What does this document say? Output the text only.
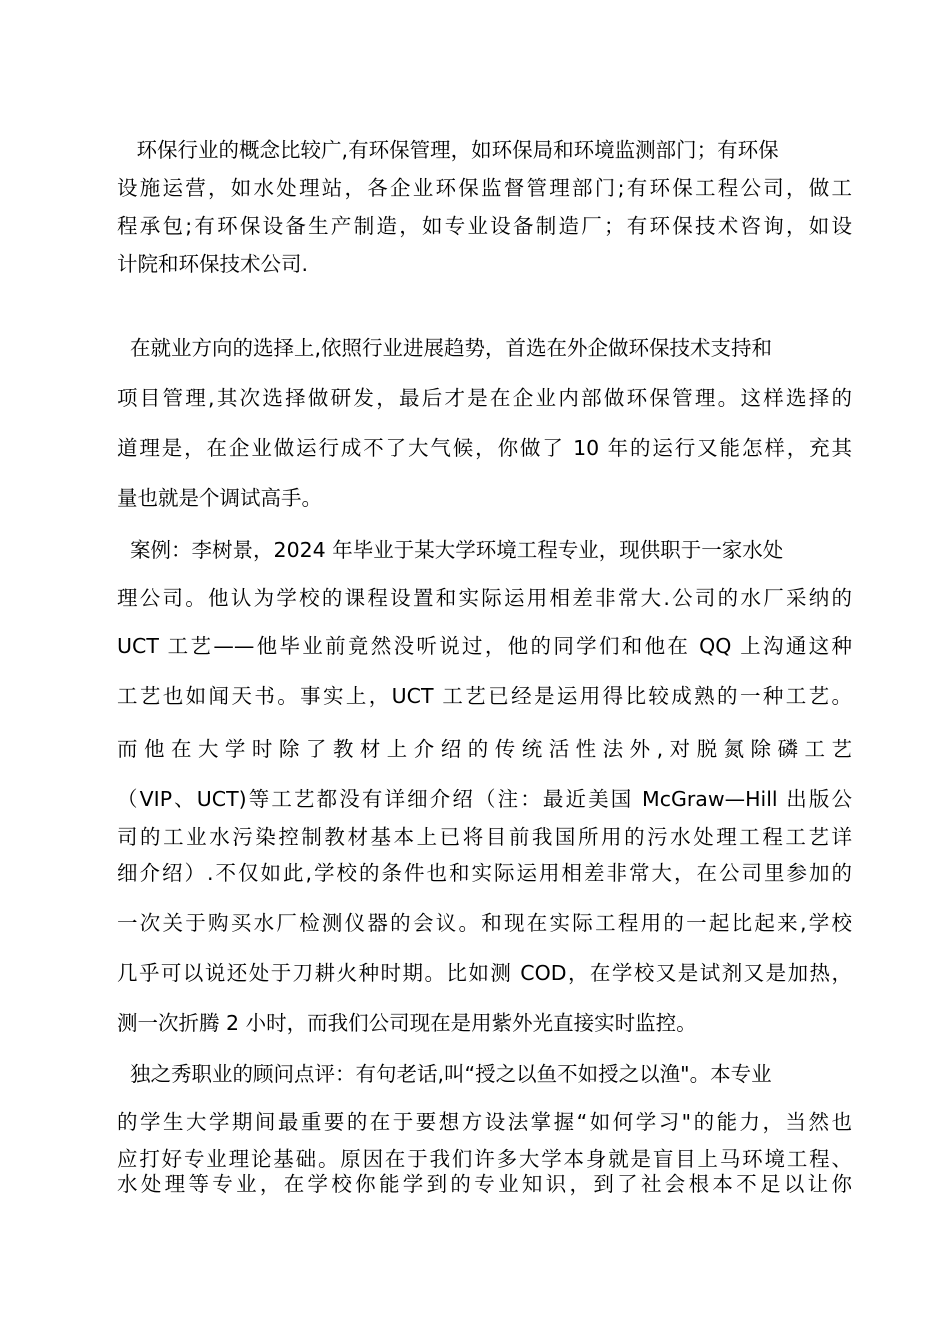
环保行业的概念比较广,有环保管理，如环保局和环境监测部门；有环保
设施运营，如水处理站，各企业环保监督管理部门;有环保工程公司，做工
程承包;有环保设备生产制造，如专业设备制造厂；有环保技术咨询，如设
计院和环保技术公司.
在就业方向的选择上,依照行业进展趋势，首选在外企做环保技术支持和
项目管理,其次选择做研发，最后才是在企业内部做环保管理。这样选择的
道理是，在企业做运行成不了大气候，你做了 10 年的运行又能怎样，充其
量也就是个调试高手。
案例：李树景，2024 年毕业于某大学环境工程专业，现供职于一家水处
理公司。他认为学校的课程设置和实际运用相差非常大.公司的水厂采纳的
UCT 工艺——他毕业前竟然没听说过，他的同学们和他在 QQ 上沟通这种
工艺也如闻天书。事实上，UCT 工艺已经是运用得比较成熟的一种工艺。
而他在大学时除了教材上介绍的传统活性法外,对脱氮除磷工艺
（VIP、UCT)等工艺都没有详细介绍（注：最近美国 McGraw—Hill 出版公
司的工业水污染控制教材基本上已将目前我国所用的污水处理工程工艺详
细介绍）.不仅如此,学校的条件也和实际运用相差非常大，在公司里参加的
一次关于购买水厂检测仪器的会议。和现在实际工程用的一起比起来,学校
几乎可以说还处于刀耕火种时期。比如测 COD，在学校又是试剂又是加热，
测一次折腾 2 小时，而我们公司现在是用紫外光直接实时监控。
独之秀职业的顾问点评：有句老话,叫“授之以鱼不如授之以渔"。本专业
的学生大学期间最重要的在于要想方设法掌握“如何学习"的能力，当然也
应打好专业理论基础。原因在于我们许多大学本身就是盲目上马环境工程、
水处理等专业，在学校你能学到的专业知识，到了社会根本不足以让你
